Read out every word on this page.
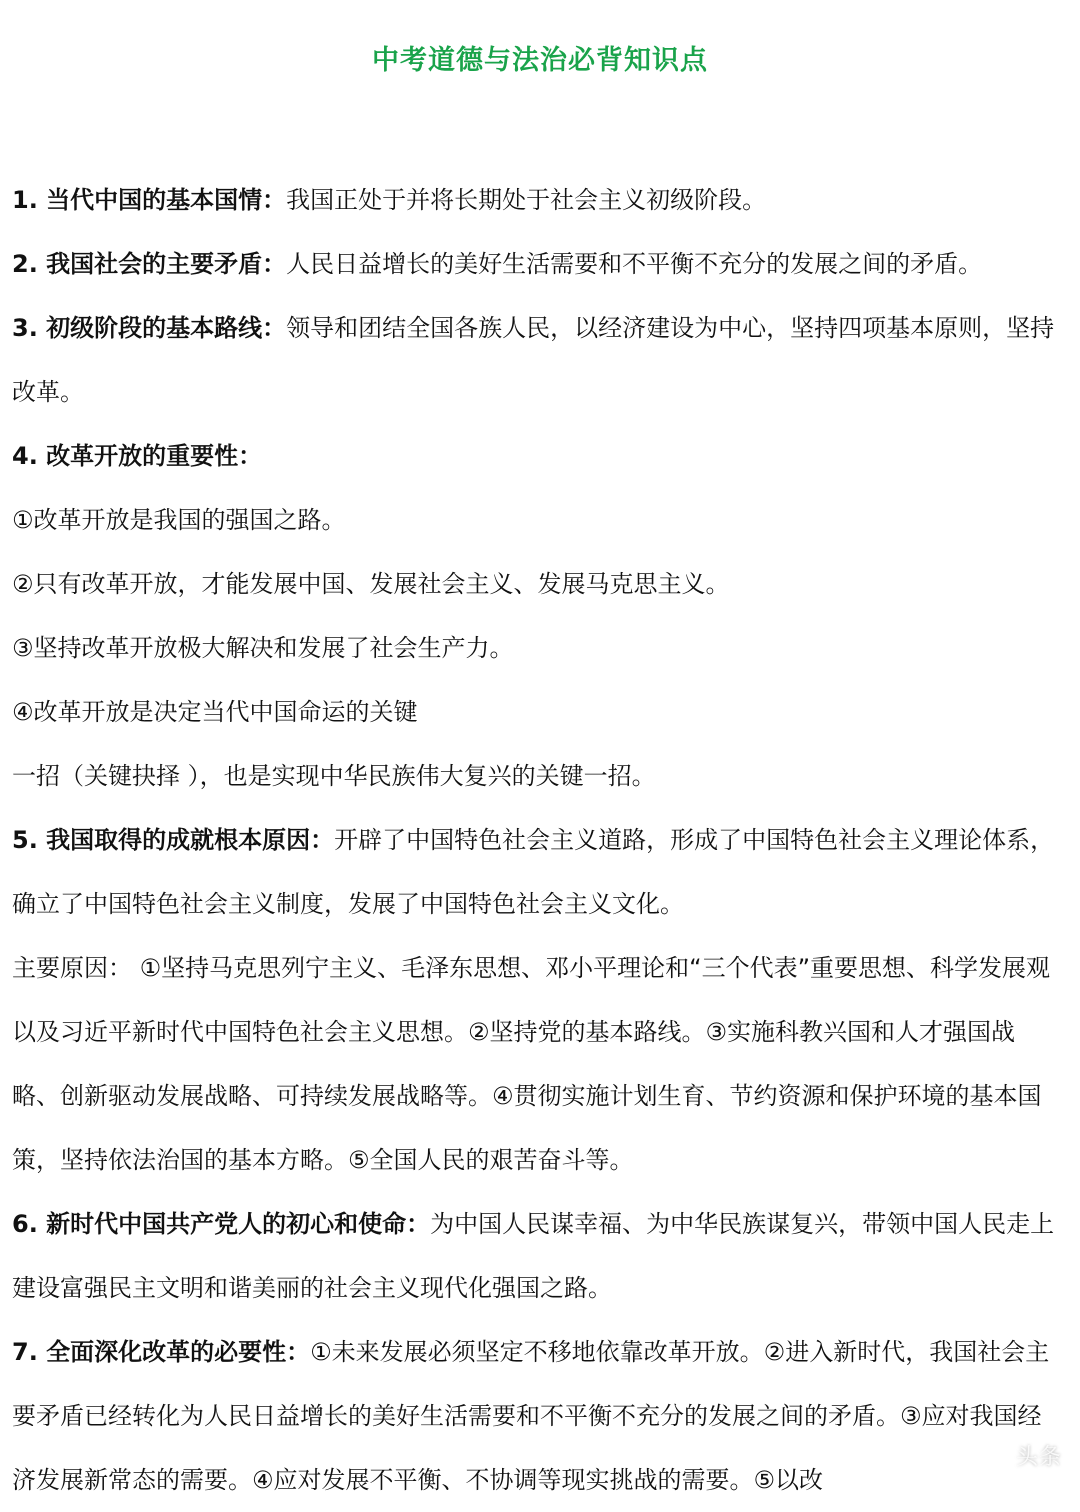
中考道德与法治必背知识点

1. 当代中国的基本国情：我国正处于并将长期处于社会主义初级阶段。

2. 我国社会的主要矛盾：人民日益增长的美好生活需要和不平衡不充分的发展之间的矛盾。

3. 初级阶段的基本路线：领导和团结全国各族人民，以经济建设为中心，坚持四项基本原则，坚持改革。

4. 改革开放的重要性：

①改革开放是我国的强国之路。

②只有改革开放，才能发展中国、发展社会主义、发展马克思主义。

③坚持改革开放极大解决和发展了社会生产力。

④改革开放是决定当代中国命运的关键

一招（关键抉择 ），也是实现中华民族伟大复兴的关键一招。

5. 我国取得的成就根本原因：开辟了中国特色社会主义道路，形成了中国特色社会主义理论体系，确立了中国特色社会主义制度，发展了中国特色社会主义文化。

主要原因： ①坚持马克思列宁主义、毛泽东思想、邓小平理论和“三个代表”重要思想、科学发展观以及习近平新时代中国特色社会主义思想。②坚持党的基本路线。③实施科教兴国和人才强国战略、创新驱动发展战略、可持续发展战略等。④贯彻实施计划生育、节约资源和保护环境的基本国策，坚持依法治国的基本方略。⑤全国人民的艰苦奋斗等。

6. 新时代中国共产党人的初心和使命：为中国人民谋幸福、为中华民族谋复兴，带领中国人民走上建设富强民主文明和谐美丽的社会主义现代化强国之路。

7. 全面深化改革的必要性：①未来发展必须坚定不移地依靠改革开放。②进入新时代，我国社会主要矛盾已经转化为人民日益增长的美好生活需要和不平衡不充分的发展之间的矛盾。③应对我国经济发展新常态的需要。④应对发展不平衡、不协调等现实挑战的需要。⑤以改

头条
